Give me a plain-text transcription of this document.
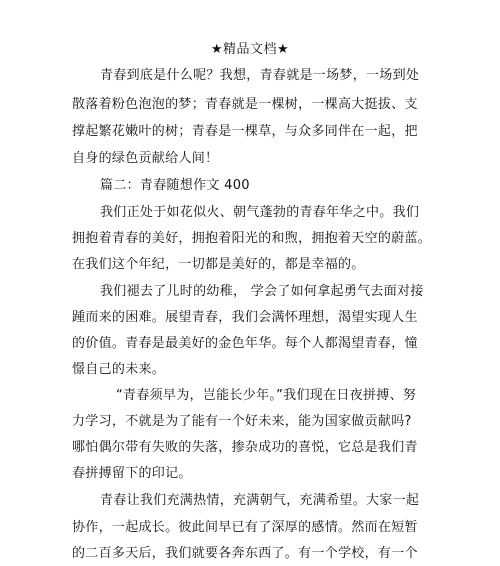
★精品文档★
青春到底是什么呢？我想，青春就是一场梦，一场到处
散落着粉色泡泡的梦；青春就是一棵树，一棵高大挺拔、支
撑起繁花嫩叶的树；青春是一棵草，与众多同伴在一起，把
自身的绿色贡献给人间！
篇二：青春随想作文 400
我们正处于如花似火、朝气蓬勃的青春年华之中。我们
拥抱着青春的美好，拥抱着阳光的和煦，拥抱着天空的蔚蓝。
在我们这个年纪，一切都是美好的，都是幸福的。
我们褪去了儿时的幼稚， 学会了如何拿起勇气去面对接
踵而来的困难。展望青春，我们会满怀理想，渴望实现人生
的价值。青春是最美好的金色年华。每个人都渴望青春，憧
憬自己的未来。
“青春须早为，岂能长少年。”我们现在日夜拼搏、努
力学习，不就是为了能有一个好未来，能为国家做贡献吗?
哪怕偶尔带有失败的失落，掺杂成功的喜悦，它总是我们青
春拼搏留下的印记。
青春让我们充满热情，充满朝气，充满希望。大家一起
协作，一起成长。彼此间早已有了深厚的感情。然而在短暂
的二百多天后，我们就要各奔东西了。有一个学校，有一个
